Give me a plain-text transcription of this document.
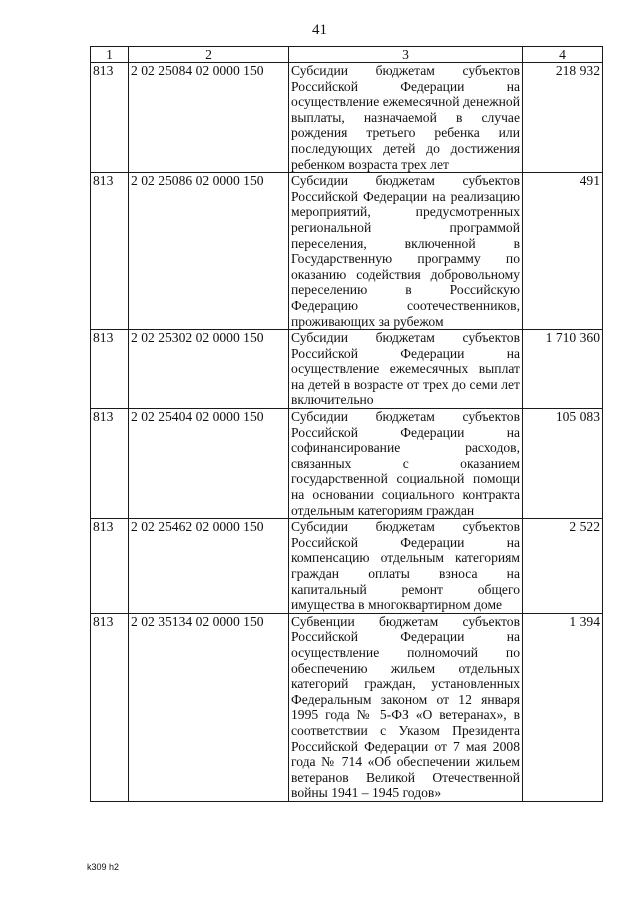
41
1	2	3	4
813	2 02 25084 02 0000 150	Субсидии бюджетам субъектов Российской Федерации на осуществление ежемесячной денежной выплаты, назначаемой в случае рождения третьего ребенка или последующих детей до достижения ребенком возраста трех лет	218 932
813	2 02 25086 02 0000 150	Субсидии бюджетам субъектов Российской Федерации на реализацию мероприятий, предусмотренных региональной программой переселения, включенной в Государственную программу по оказанию содействия добровольному переселению в Российскую Федерацию соотечественников, проживающих за рубежом	491
813	2 02 25302 02 0000 150	Субсидии бюджетам субъектов Российской Федерации на осуществление ежемесячных выплат на детей в возрасте от трех до семи лет включительно	1 710 360
813	2 02 25404 02 0000 150	Субсидии бюджетам субъектов Российской Федерации на софинансирование расходов, связанных с оказанием государственной социальной помощи на основании социального контракта отдельным категориям граждан	105 083
813	2 02 25462 02 0000 150	Субсидии бюджетам субъектов Российской Федерации на компенсацию отдельным категориям граждан оплаты взноса на капитальный ремонт общего имущества в многоквартирном доме	2 522
813	2 02 35134 02 0000 150	Субвенции бюджетам субъектов Российской Федерации на осуществление полномочий по обеспечению жильем отдельных категорий граждан, установленных Федеральным законом от 12 января 1995 года № 5-ФЗ «О ветеранах», в соответствии с Указом Президента Российской Федерации от 7 мая 2008 года № 714 «Об обеспечении жильем ветеранов Великой Отечественной войны 1941 – 1945 годов»	1 394
k309 h2
